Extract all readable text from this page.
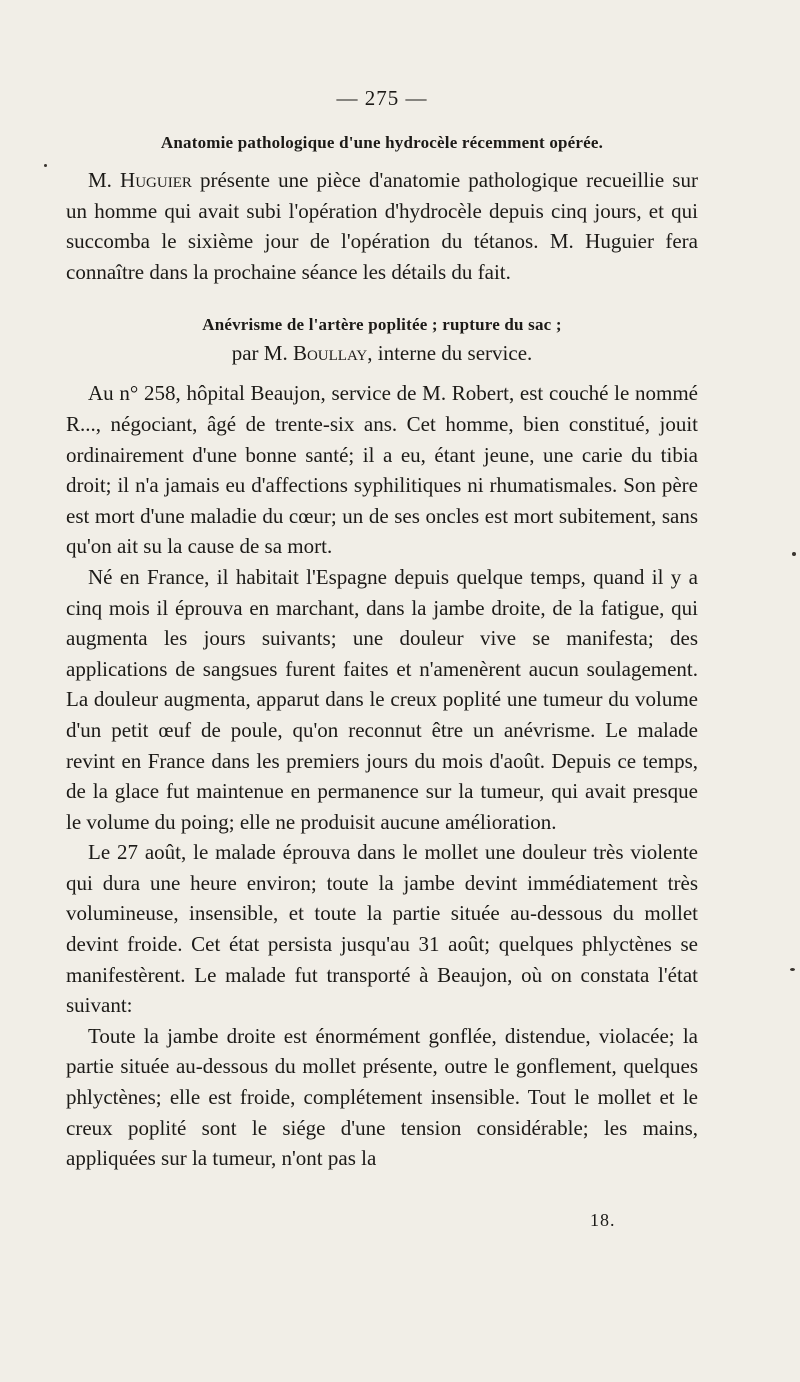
— 275 —
Anatomie pathologique d'une hydrocèle récemment opérée.

M. Huguier présente une pièce d'anatomie pathologique recueillie sur un homme qui avait subi l'opération d'hydrocèle depuis cinq jours, et qui succomba le sixième jour de l'opération du tétanos. M. Huguier fera connaître dans la prochaine séance les détails du fait.

Anévrisme de l'artère poplitée ; rupture du sac ;
par M. Boullay, interne du service.

Au n° 258, hôpital Beaujon, service de M. Robert, est couché le nommé R..., négociant, âgé de trente-six ans. Cet homme, bien constitué, jouit ordinairement d'une bonne santé; il a eu, étant jeune, une carie du tibia droit; il n'a jamais eu d'affections syphilitiques ni rhumatismales. Son père est mort d'une maladie du cœur; un de ses oncles est mort subitement, sans qu'on ait su la cause de sa mort.

Né en France, il habitait l'Espagne depuis quelque temps, quand il y a cinq mois il éprouva en marchant, dans la jambe droite, de la fatigue, qui augmenta les jours suivants; une douleur vive se manifesta; des applications de sangsues furent faites et n'amenèrent aucun soulagement. La douleur augmenta, apparut dans le creux poplité une tumeur du volume d'un petit œuf de poule, qu'on reconnut être un anévrisme. Le malade revint en France dans les premiers jours du mois d'août. Depuis ce temps, de la glace fut maintenue en permanence sur la tumeur, qui avait presque le volume du poing; elle ne produisit aucune amélioration.

Le 27 août, le malade éprouva dans le mollet une douleur très violente qui dura une heure environ; toute la jambe devint immédiatement très volumineuse, insensible, et toute la partie située au-dessous du mollet devint froide. Cet état persista jusqu'au 31 août; quelques phlyctènes se manifestèrent. Le malade fut transporté à Beaujon, où on constata l'état suivant:

Toute la jambe droite est énormément gonflée, distendue, violacée; la partie située au-dessous du mollet présente, outre le gonflement, quelques phlyctènes; elle est froide, complétement insensible. Tout le mollet et le creux poplité sont le siége d'une tension considérable; les mains, appliquées sur la tumeur, n'ont pas la

18.
